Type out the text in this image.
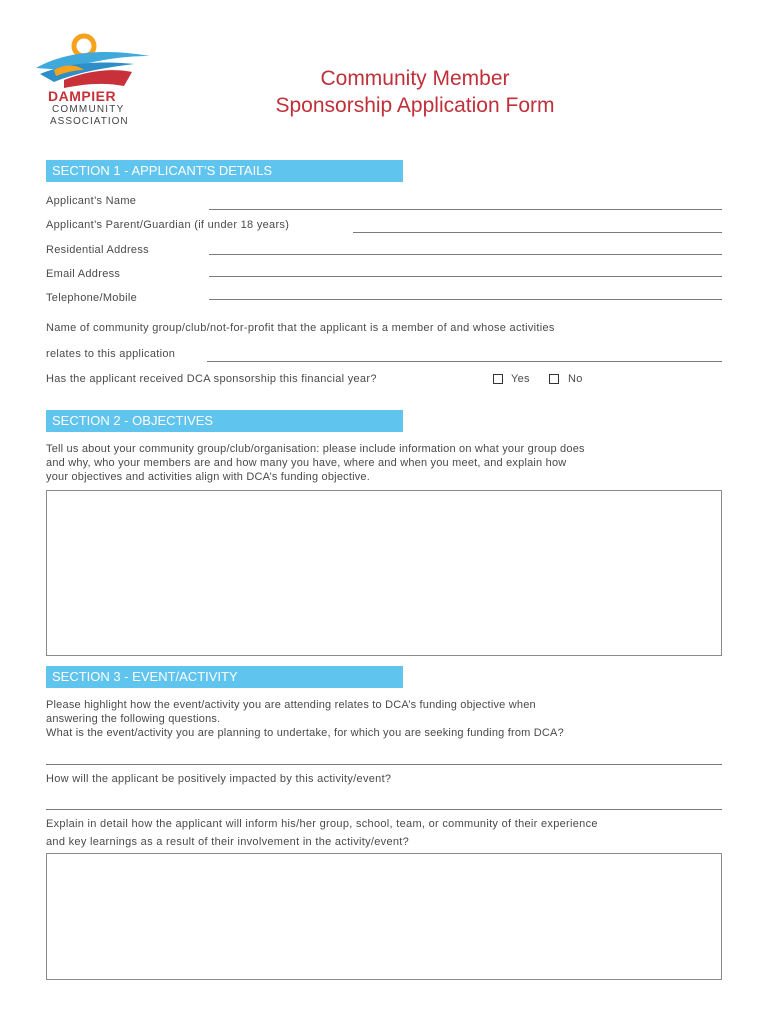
DAMPIER
COMMUNITY
ASSOCIATION
Community Member
Sponsorship Application Form
SECTION 1 - APPLICANT’S DETAILS
Applicant’s Name
Applicant’s Parent/Guardian (if under 18 years)
Residential Address
Email Address
Telephone/Mobile
Name of community group/club/not-for-profit that the applicant is a member of and whose activities
relates to this application
Has the applicant received DCA sponsorship this financial year?	Yes	No
SECTION 2 - OBJECTIVES
Tell us about your community group/club/organisation: please include information on what your group does
and why, who your members are and how many you have, where and when you meet, and explain how
your objectives and activities align with DCA’s funding objective.
SECTION 3 - EVENT/ACTIVITY
Please highlight how the event/activity you are attending relates to DCA’s funding objective when
answering the following questions.
What is the event/activity you are planning to undertake, for which you are seeking funding from DCA?
How will the applicant be positively impacted by this activity/event?
Explain in detail how the applicant will inform his/her group, school, team, or community of their experience
and key learnings as a result of their involvement in the activity/event?
